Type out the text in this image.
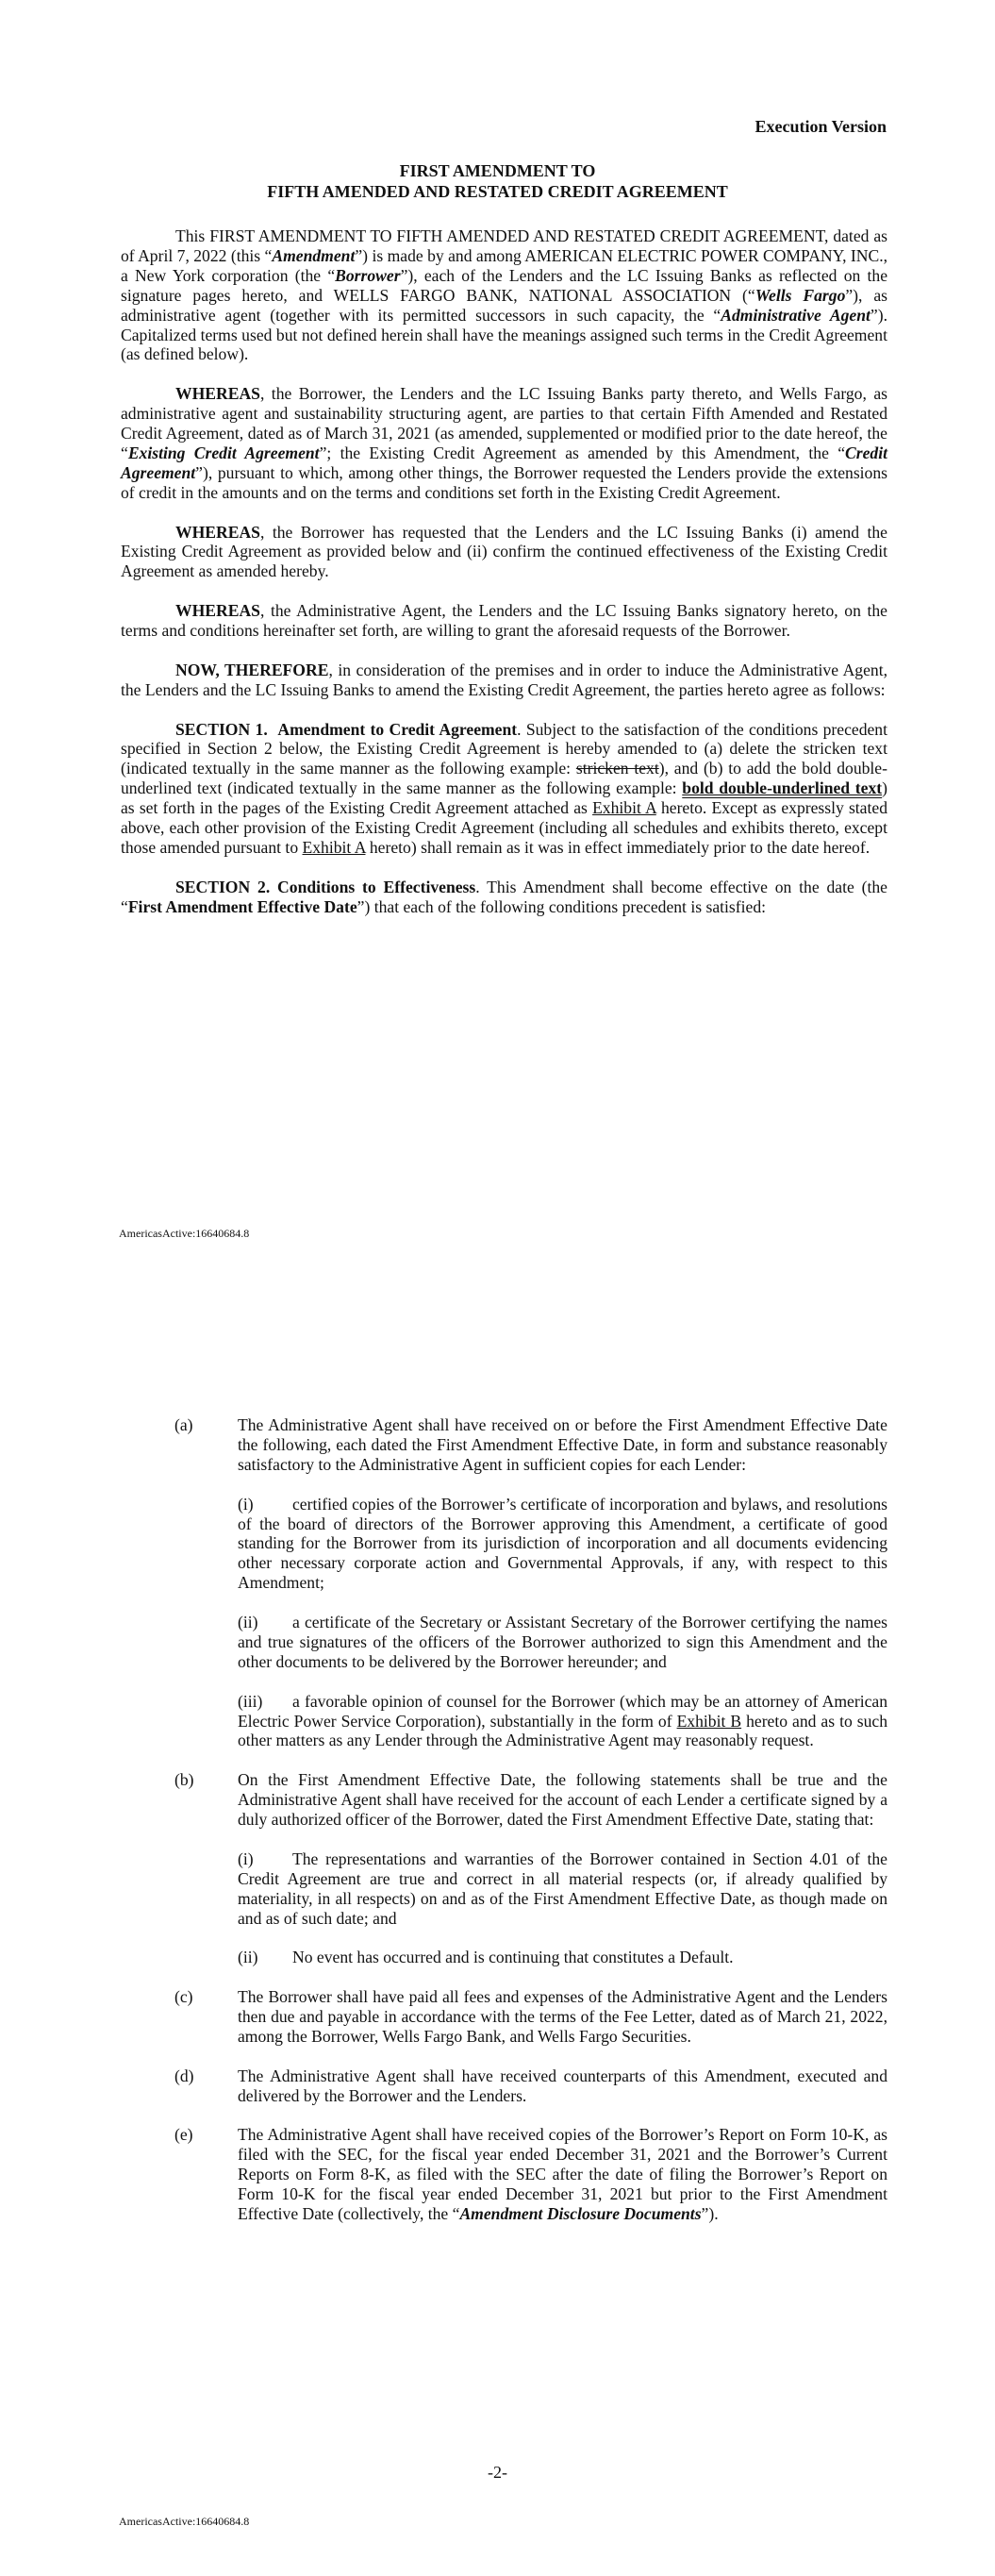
Execution Version
FIRST AMENDMENT TO
FIFTH AMENDED AND RESTATED CREDIT AGREEMENT

This FIRST AMENDMENT TO FIFTH AMENDED AND RESTATED CREDIT AGREEMENT, dated as of April 7, 2022 (this “Amendment”) is made by and among AMERICAN ELECTRIC POWER COMPANY, INC., a New York corporation (the “Borrower”), each of the Lenders and the LC Issuing Banks as reflected on the signature pages hereto, and WELLS FARGO BANK, NATIONAL ASSOCIATION (“Wells Fargo”), as administrative agent (together with its permitted successors in such capacity, the “Administrative Agent”). Capitalized terms used but not defined herein shall have the meanings assigned such terms in the Credit Agreement (as defined below).

WHEREAS, the Borrower, the Lenders and the LC Issuing Banks party thereto, and Wells Fargo, as administrative agent and sustainability structuring agent, are parties to that certain Fifth Amended and Restated Credit Agreement, dated as of March 31, 2021 (as amended, supplemented or modified prior to the date hereof, the “Existing Credit Agreement”; the Existing Credit Agreement as amended by this Amendment, the “Credit Agreement”), pursuant to which, among other things, the Borrower requested the Lenders provide the extensions of credit in the amounts and on the terms and conditions set forth in the Existing Credit Agreement.

WHEREAS, the Borrower has requested that the Lenders and the LC Issuing Banks (i) amend the Existing Credit Agreement as provided below and (ii) confirm the continued effectiveness of the Existing Credit Agreement as amended hereby.

WHEREAS, the Administrative Agent, the Lenders and the LC Issuing Banks signatory hereto, on the terms and conditions hereinafter set forth, are willing to grant the aforesaid requests of the Borrower.

NOW, THEREFORE, in consideration of the premises and in order to induce the Administrative Agent, the Lenders and the LC Issuing Banks to amend the Existing Credit Agreement, the parties hereto agree as follows:

SECTION 1. Amendment to Credit Agreement. Subject to the satisfaction of the conditions precedent specified in Section 2 below, the Existing Credit Agreement is hereby amended to (a) delete the stricken text (indicated textually in the same manner as the following example: stricken text), and (b) to add the bold double-underlined text (indicated textually in the same manner as the following example: bold double-underlined text) as set forth in the pages of the Existing Credit Agreement attached as Exhibit A hereto. Except as expressly stated above, each other provision of the Existing Credit Agreement (including all schedules and exhibits thereto, except those amended pursuant to Exhibit A hereto) shall remain as it was in effect immediately prior to the date hereof.

SECTION 2. Conditions to Effectiveness. This Amendment shall become effective on the date (the “First Amendment Effective Date”) that each of the following conditions precedent is satisfied:

AmericasActive:16640684.8
(a)	The Administrative Agent shall have received on or before the First Amendment Effective Date the following, each dated the First Amendment Effective Date, in form and substance reasonably satisfactory to the Administrative Agent in sufficient copies for each Lender:
(i) certified copies of the Borrower’s certificate of incorporation and bylaws, and resolutions of the board of directors of the Borrower approving this Amendment, a certificate of good standing for the Borrower from its jurisdiction of incorporation and all documents evidencing other necessary corporate action and Governmental Approvals, if any, with respect to this Amendment;
(ii) a certificate of the Secretary or Assistant Secretary of the Borrower certifying the names and true signatures of the officers of the Borrower authorized to sign this Amendment and the other documents to be delivered by the Borrower hereunder; and
(iii) a favorable opinion of counsel for the Borrower (which may be an attorney of American Electric Power Service Corporation), substantially in the form of Exhibit B hereto and as to such other matters as any Lender through the Administrative Agent may reasonably request.
(b)	On the First Amendment Effective Date, the following statements shall be true and the Administrative Agent shall have received for the account of each Lender a certificate signed by a duly authorized officer of the Borrower, dated the First Amendment Effective Date, stating that:
(i) The representations and warranties of the Borrower contained in Section 4.01 of the Credit Agreement are true and correct in all material respects (or, if already qualified by materiality, in all respects) on and as of the First Amendment Effective Date, as though made on and as of such date; and
(ii) No event has occurred and is continuing that constitutes a Default.
(c)	The Borrower shall have paid all fees and expenses of the Administrative Agent and the Lenders then due and payable in accordance with the terms of the Fee Letter, dated as of March 21, 2022, among the Borrower, Wells Fargo Bank, and Wells Fargo Securities.
(d)	The Administrative Agent shall have received counterparts of this Amendment, executed and delivered by the Borrower and the Lenders.
(e)	The Administrative Agent shall have received copies of the Borrower’s Report on Form 10-K, as filed with the SEC, for the fiscal year ended December 31, 2021 and the Borrower’s Current Reports on Form 8-K, as filed with the SEC after the date of filing the Borrower’s Report on Form 10-K for the fiscal year ended December 31, 2021 but prior to the First Amendment Effective Date (collectively, the “Amendment Disclosure Documents”).
-2-
AmericasActive:16640684.8
